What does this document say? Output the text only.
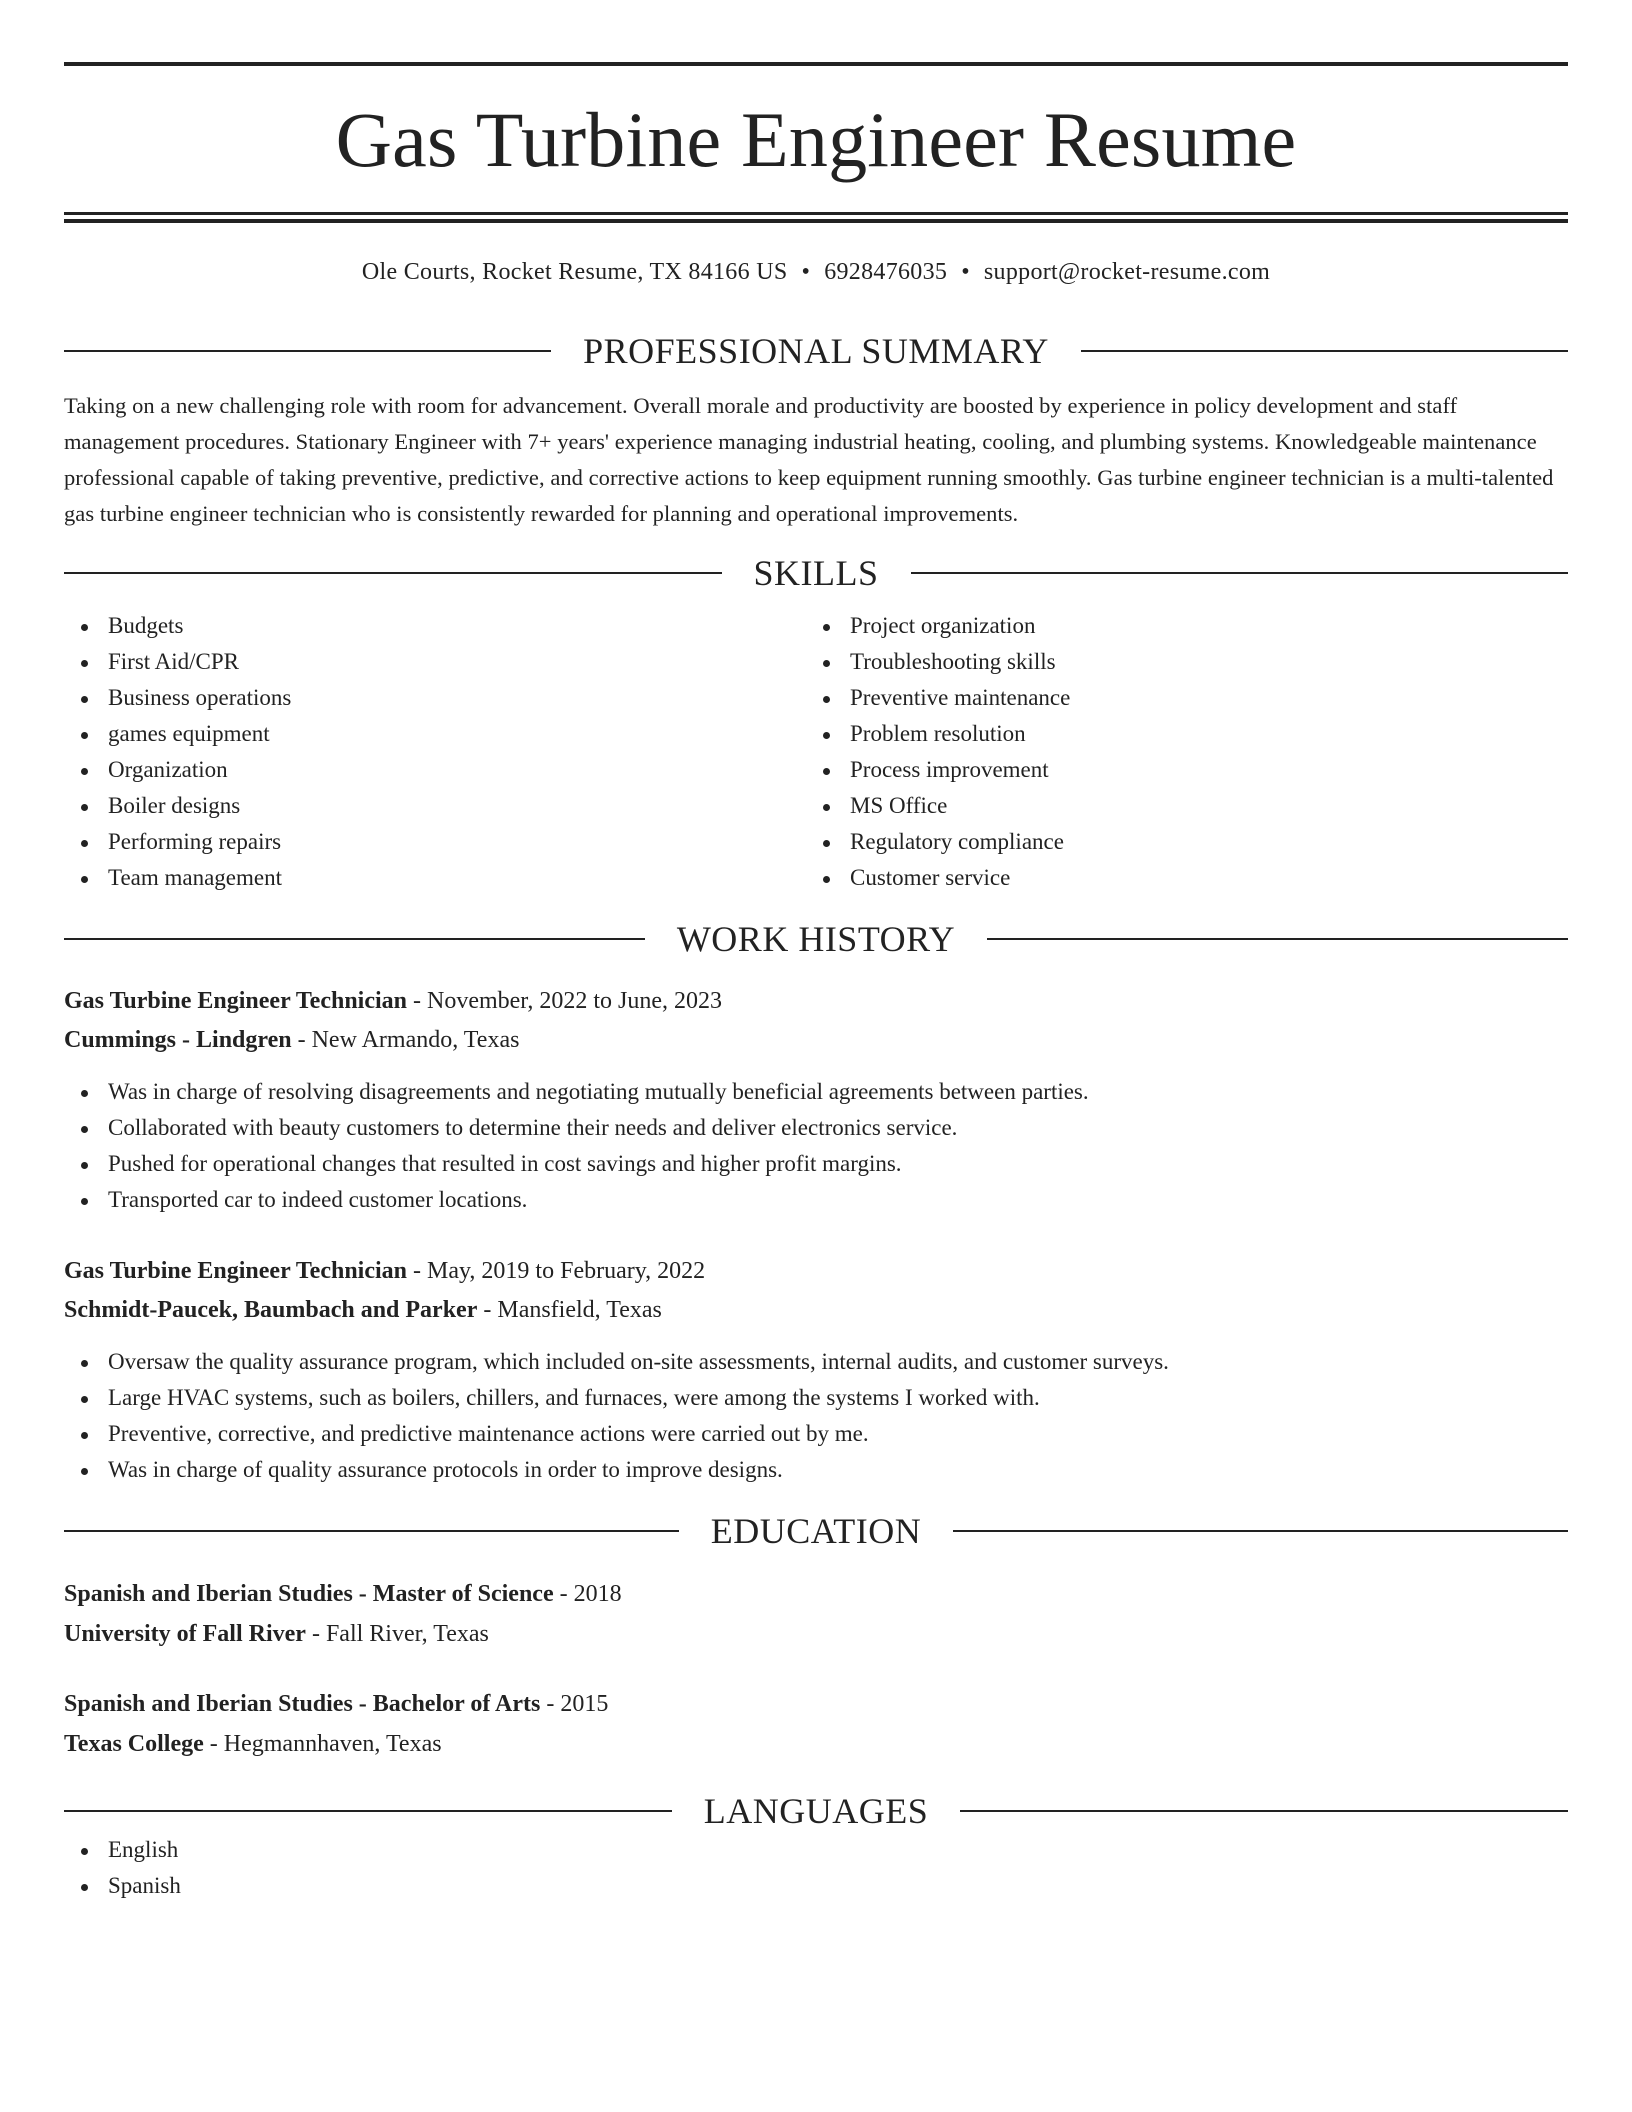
Gas Turbine Engineer Resume
Ole Courts, Rocket Resume, TX 84166 US • 6928476035 • support@rocket-resume.com
PROFESSIONAL SUMMARY

Taking on a new challenging role with room for advancement. Overall morale and productivity are boosted by experience in policy development and staff management procedures. Stationary Engineer with 7+ years' experience managing industrial heating, cooling, and plumbing systems. Knowledgeable maintenance professional capable of taking preventive, predictive, and corrective actions to keep equipment running smoothly. Gas turbine engineer technician is a multi-talented gas turbine engineer technician who is consistently rewarded for planning and operational improvements.

SKILLS
Budgets
First Aid/CPR
Business operations
games equipment
Organization
Boiler designs
Performing repairs
Team management
Project organization
Troubleshooting skills
Preventive maintenance
Problem resolution
Process improvement
MS Office
Regulatory compliance
Customer service
WORK HISTORY
Gas Turbine Engineer Technician - November, 2022 to June, 2023
Cummings - Lindgren - New Armando, Texas
Was in charge of resolving disagreements and negotiating mutually beneficial agreements between parties.
Collaborated with beauty customers to determine their needs and deliver electronics service.
Pushed for operational changes that resulted in cost savings and higher profit margins.
Transported car to indeed customer locations.
Gas Turbine Engineer Technician - May, 2019 to February, 2022
Schmidt-Paucek, Baumbach and Parker - Mansfield, Texas
Oversaw the quality assurance program, which included on-site assessments, internal audits, and customer surveys.
Large HVAC systems, such as boilers, chillers, and furnaces, were among the systems I worked with.
Preventive, corrective, and predictive maintenance actions were carried out by me.
Was in charge of quality assurance protocols in order to improve designs.
EDUCATION
Spanish and Iberian Studies - Master of Science - 2018
University of Fall River - Fall River, Texas
Spanish and Iberian Studies - Bachelor of Arts - 2015
Texas College - Hegmannhaven, Texas
LANGUAGES
English
Spanish
